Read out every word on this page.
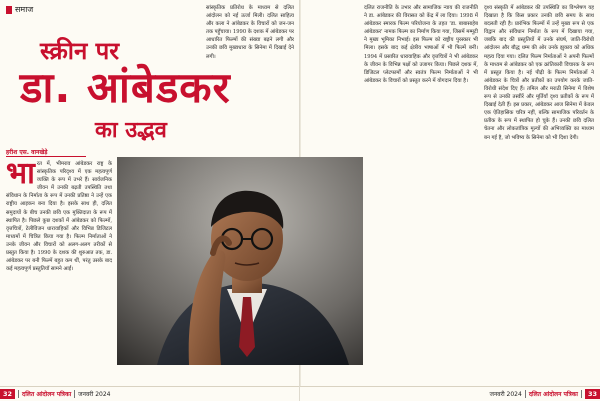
समाज
स्क्रीन पर
डा. आंबेडकर
का उद्भव
हरीश एस. वानखेड़े
भा रत में, भीमराव आंबेडकर राष्ट्र के सांस्कृतिक परिदृश्य में एक महत्वपूर्ण व्यक्ति के रूप में उभरे हैं। सार्वजनिक जीवन में उनकी बढ़ती उपस्थिति तथा संविधान के निर्माता के रूप में उनकी प्रतिष्ठा ने उन्हें एक राष्ट्रीय आइकन बना दिया है। इसके साथ ही, दलित समुदायों के बीच उनकी छवि एक मुक्तिदाता के रूप में स्थापित है। पिछले कुछ दशकों में आंबेडकर को फिल्मों, वृत्तचित्रों, टेलीविजन धारावाहिकों और विभिन्न डिजिटल माध्यमों में चित्रित किया गया है। फिल्म निर्माताओं ने उनके जीवन और विचारों को अलग-अलग तरीकों से प्रस्तुत किया है। 1990 के दशक की शुरुआत तक, डा. आंबेडकर पर बनी फिल्में बहुत कम थीं, परंतु उसके बाद कई महत्वपूर्ण प्रस्तुतियाँ सामने आईं।
सांस्कृतिक प्रतिरोध के माध्यम से दलित आंदोलन को नई ऊर्जा मिली। दलित साहित्य और कला ने आंबेडकर के विचारों को जन-जन तक पहुँचाया। 1990 के दशक में आंबेडकर पर आधारित फिल्मों की संख्या बढ़ने लगी और उनकी छवि मुख्यधारा के सिनेमा में दिखाई देने लगी।
32	दलित आंदोलन पत्रिका जनवरी 2024
दलित राजनीति के उभार और सामाजिक न्याय की राजनीति ने डा. आंबेडकर की विरासत को केंद्र में ला दिया। 1998 में आंबेडकर स्मारक फिल्म परियोजना के तहत 'डा. बाबासाहेब आंबेडकर' नामक फिल्म का निर्माण किया गया, जिसमें मम्मूटी ने मुख्य भूमिका निभाई। इस फिल्म को राष्ट्रीय पुरस्कार भी मिला। इसके बाद कई क्षेत्रीय भाषाओं में भी फिल्में बनीं। 1994 में प्रसारित धारावाहिक और वृत्तचित्रों ने भी आंबेडकर के जीवन के विभिन्न पक्षों को उजागर किया। पिछले दशक में, डिजिटल प्लेटफार्मों और स्वतंत्र फिल्म निर्माताओं ने भी आंबेडकर के विचारों को प्रस्तुत करने में योगदान दिया है।
दृश्य संस्कृति में आंबेडकर की उपस्थिति का विश्लेषण यह दिखाता है कि किस प्रकार उनकी छवि समय के साथ बदलती रही है। प्रारंभिक फिल्मों में उन्हें मुख्य रूप से एक विद्वान और संविधान निर्माता के रूप में दिखाया गया, जबकि बाद की प्रस्तुतियों में उनके संघर्ष, जाति-विरोधी आंदोलन और बौद्ध धम्म की ओर उनके झुकाव को अधिक महत्व दिया गया। दलित फिल्म निर्माताओं ने अपनी फिल्मों के माध्यम से आंबेडकर को एक क्रांतिकारी विचारक के रूप में प्रस्तुत किया है। नई पीढ़ी के फिल्म निर्माताओं ने आंबेडकर के चित्रों और प्रतीकों का उपयोग करके जाति-विरोधी संदेश दिए हैं। तमिल और मराठी सिनेमा में विशेष रूप से उनकी तस्वीरें और मूर्तियाँ दृश्य प्रतीकों के रूप में दिखाई देती हैं। इस प्रकार, आंबेडकर आज सिनेमा में केवल एक ऐतिहासिक चरित्र नहीं, बल्कि सामाजिक परिवर्तन के प्रतीक के रूप में स्थापित हो चुके हैं। उनकी छवि दलित चेतना और लोकतांत्रिक मूल्यों की अभिव्यक्ति का माध्यम बन गई है, जो भविष्य के सिनेमा को भी दिशा देगी।
जनवरी 2024 दलित आंदोलन पत्रिका	33
